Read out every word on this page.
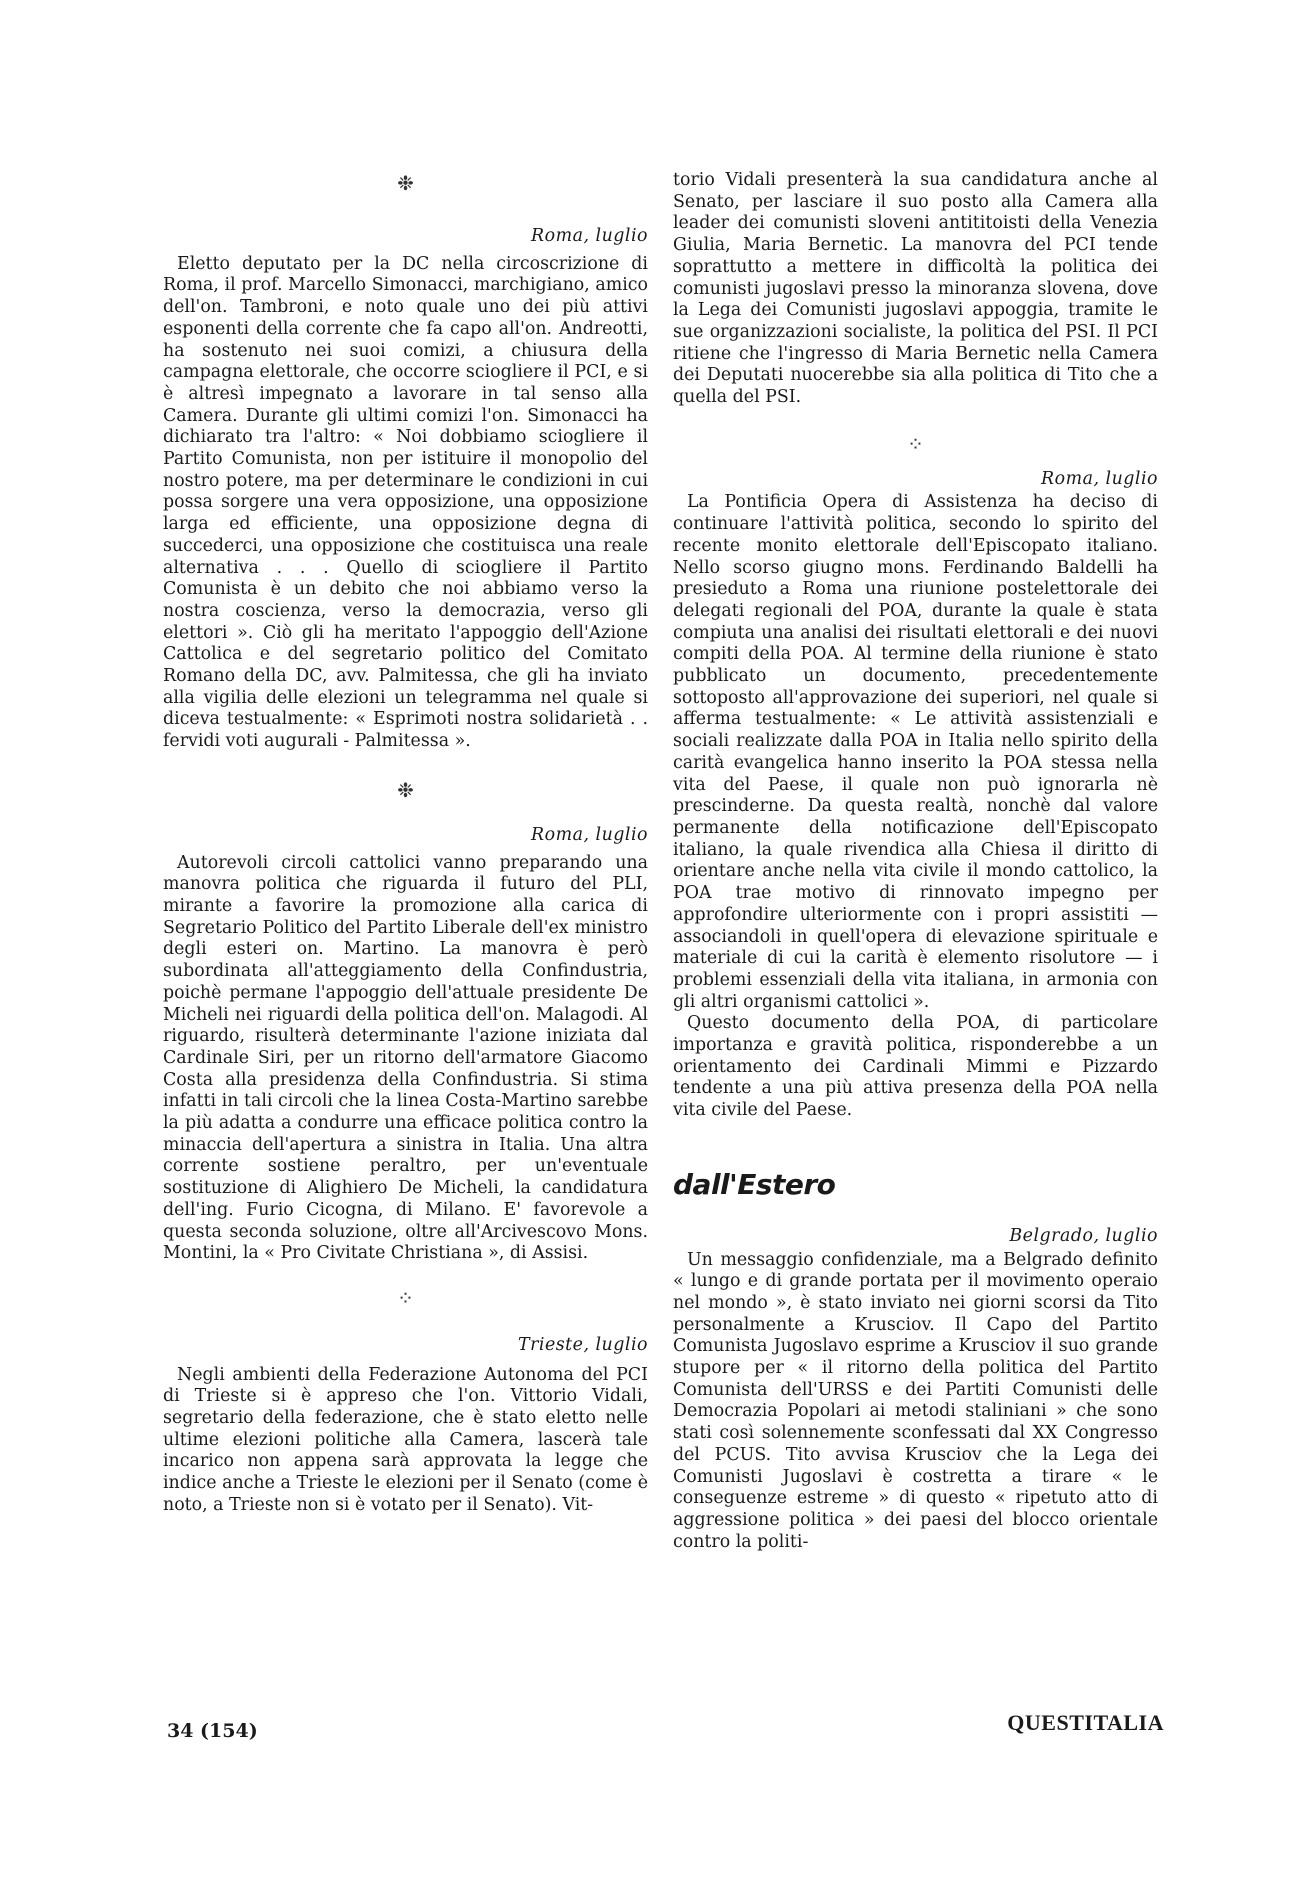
❉

Roma, luglio

Eletto deputato per la DC nella circoscrizione di Roma, il prof. Marcello Simonacci, marchigiano, amico dell'on. Tambroni, e noto quale uno dei più attivi esponenti della corrente che fa capo all'on. Andreotti, ha sostenuto nei suoi comizi, a chiusura della campagna elettorale, che occorre sciogliere il PCI, e si è altresì impegnato a lavorare in tal senso alla Camera. Durante gli ultimi comizi l'on. Simonacci ha dichiarato tra l'altro: « Noi dobbiamo sciogliere il Partito Comunista, non per istituire il monopolio del nostro potere, ma per determinare le condizioni in cui possa sorgere una vera opposizione, una opposizione larga ed efficiente, una opposizione degna di succederci, una opposizione che costituisca una reale alternativa . . . Quello di sciogliere il Partito Comunista è un debito che noi abbiamo verso la nostra coscienza, verso la democrazia, verso gli elettori ». Ciò gli ha meritato l'appoggio dell'Azione Cattolica e del segretario politico del Comitato Romano della DC, avv. Palmitessa, che gli ha inviato alla vigilia delle elezioni un telegramma nel quale si diceva testualmente: « Esprimoti nostra solidarietà . . fervidi voti augurali - Palmitessa ».

❉

Roma, luglio

Autorevoli circoli cattolici vanno preparando una manovra politica che riguarda il futuro del PLI, mirante a favorire la promozione alla carica di Segretario Politico del Partito Liberale dell'ex ministro degli esteri on. Martino. La manovra è però subordinata all'atteggiamento della Confindustria, poichè permane l'appoggio dell'attuale presidente De Micheli nei riguardi della politica dell'on. Malagodi. Al riguardo, risulterà determinante l'azione iniziata dal Cardinale Siri, per un ritorno dell'armatore Giacomo Costa alla presidenza della Confindustria. Si stima infatti in tali circoli che la linea Costa-Martino sarebbe la più adatta a condurre una efficace politica contro la minaccia dell'apertura a sinistra in Italia. Una altra corrente sostiene peraltro, per un'eventuale sostituzione di Alighiero De Micheli, la candidatura dell'ing. Furio Cicogna, di Milano. E' favorevole a questa seconda soluzione, oltre all'Arcivescovo Mons. Montini, la « Pro Civitate Christiana », di Assisi.

⁘

Trieste, luglio

Negli ambienti della Federazione Autonoma del PCI di Trieste si è appreso che l'on. Vittorio Vidali, segretario della federazione, che è stato eletto nelle ultime elezioni politiche alla Camera, lascerà tale incarico non appena sarà approvata la legge che indice anche a Trieste le elezioni per il Senato (come è noto, a Trieste non si è votato per il Senato). Vit-

torio Vidali presenterà la sua candidatura anche al Senato, per lasciare il suo posto alla Camera alla leader dei comunisti sloveni antititoisti della Venezia Giulia, Maria Bernetic. La manovra del PCI tende soprattutto a mettere in difficoltà la politica dei comunisti jugoslavi presso la minoranza slovena, dove la Lega dei Comunisti jugoslavi appoggia, tramite le sue organizzazioni socialiste, la politica del PSI. Il PCI ritiene che l'ingresso di Maria Bernetic nella Camera dei Deputati nuocerebbe sia alla politica di Tito che a quella del PSI.

⁘

Roma, luglio

La Pontificia Opera di Assistenza ha deciso di continuare l'attività politica, secondo lo spirito del recente monito elettorale dell'Episcopato italiano. Nello scorso giugno mons. Ferdinando Baldelli ha presieduto a Roma una riunione postelettorale dei delegati regionali del POA, durante la quale è stata compiuta una analisi dei risultati elettorali e dei nuovi compiti della POA. Al termine della riunione è stato pubblicato un documento, precedentemente sottoposto all'approvazione dei superiori, nel quale si afferma testualmente: « Le attività assistenziali e sociali realizzate dalla POA in Italia nello spirito della carità evangelica hanno inserito la POA stessa nella vita del Paese, il quale non può ignorarla nè prescinderne. Da questa realtà, nonchè dal valore permanente della notificazione dell'Episcopato italiano, la quale rivendica alla Chiesa il diritto di orientare anche nella vita civile il mondo cattolico, la POA trae motivo di rinnovato impegno per approfondire ulteriormente con i propri assistiti — associandoli in quell'opera di elevazione spirituale e materiale di cui la carità è elemento risolutore — i problemi essenziali della vita italiana, in armonia con gli altri organismi cattolici ».

Questo documento della POA, di particolare importanza e gravità politica, risponderebbe a un orientamento dei Cardinali Mimmi e Pizzardo tendente a una più attiva presenza della POA nella vita civile del Paese.

dall'Estero

Belgrado, luglio

Un messaggio confidenziale, ma a Belgrado definito « lungo e di grande portata per il movimento operaio nel mondo », è stato inviato nei giorni scorsi da Tito personalmente a Krusciov. Il Capo del Partito Comunista Jugoslavo esprime a Krusciov il suo grande stupore per « il ritorno della politica del Partito Comunista dell'URSS e dei Partiti Comunisti delle Democrazia Popolari ai metodi staliniani » che sono stati così solennemente sconfessati dal XX Congresso del PCUS. Tito avvisa Krusciov che la Lega dei Comunisti Jugoslavi è costretta a tirare « le conseguenze estreme » di questo « ripetuto atto di aggressione politica » dei paesi del blocco orientale contro la politi-

34 (154)	QUESTITALIA
